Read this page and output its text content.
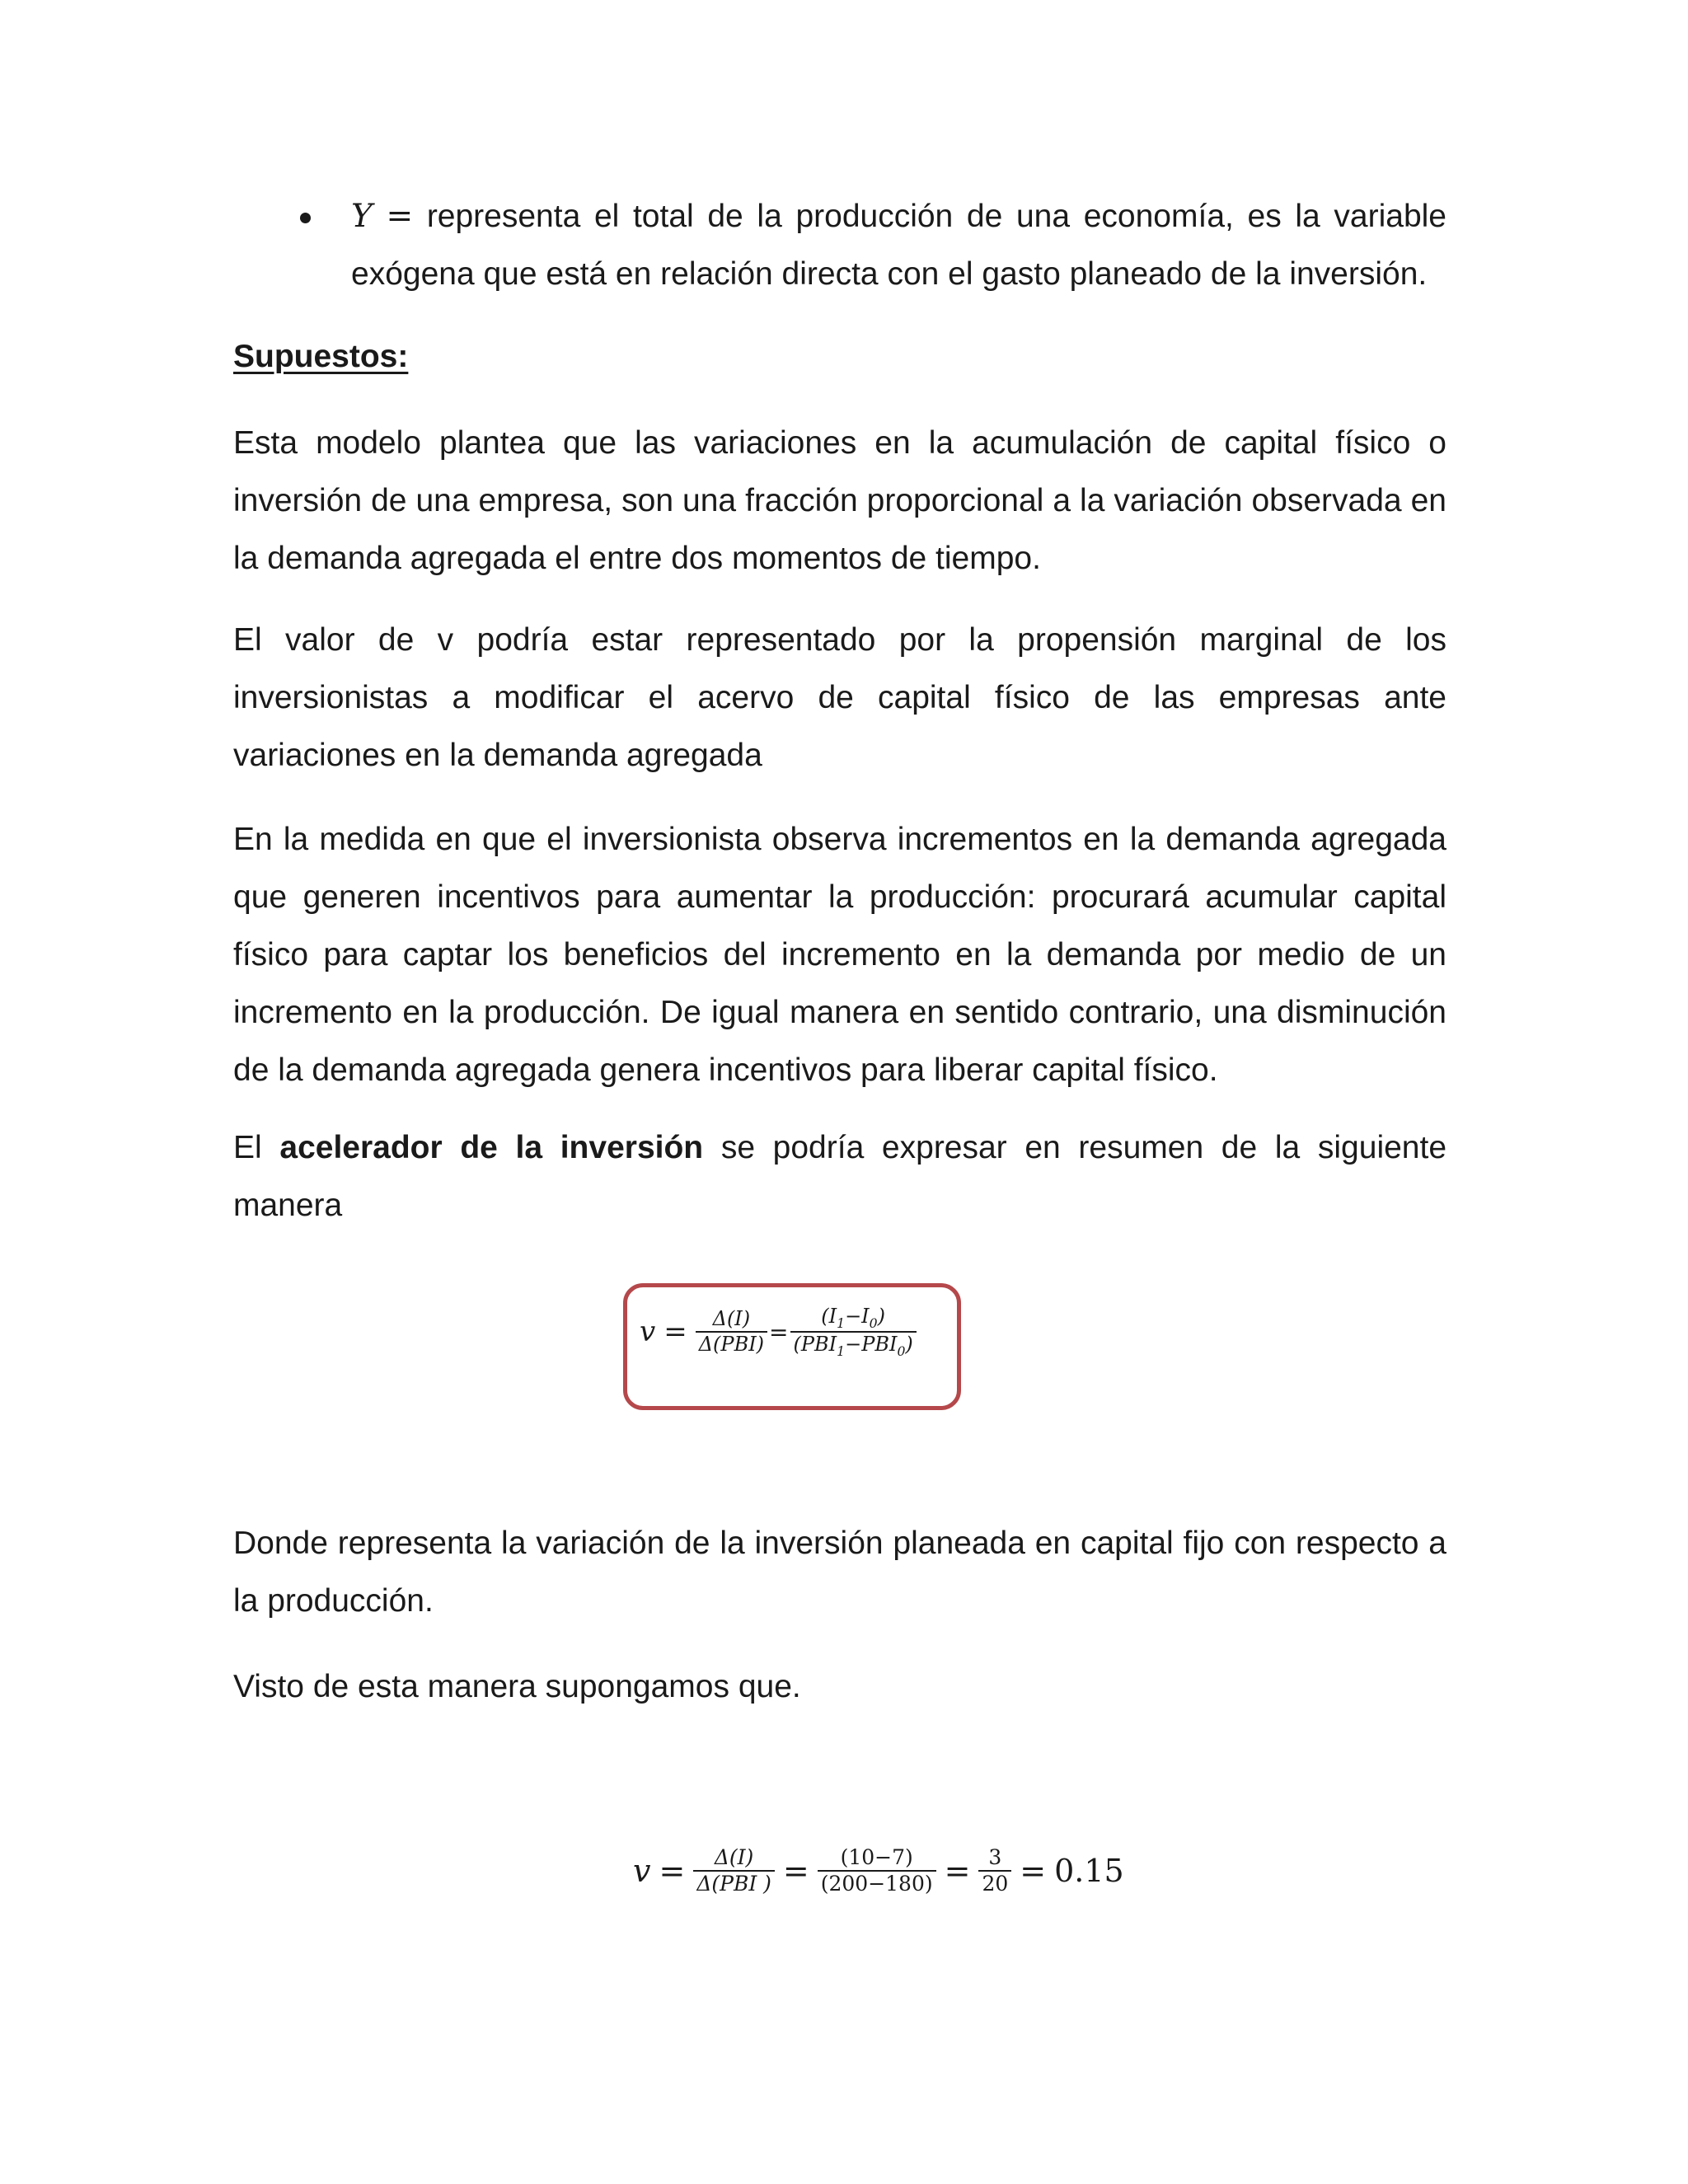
Y = representa el total de la producción de una economía, es la variable exógena que está en relación directa con el gasto planeado de la inversión.

Supuestos:

Esta modelo plantea que las variaciones en la acumulación de capital físico o inversión de una empresa, son una fracción proporcional a la variación observada en la demanda agregada el entre dos momentos de tiempo.

El valor de v podría estar representado por la propensión marginal de los inversionistas a modificar el acervo de capital físico de las empresas ante variaciones en la demanda agregada

En la medida en que el inversionista observa incrementos en la demanda agregada que generen incentivos para aumentar la producción: procurará acumular capital físico para captar los beneficios del incremento en la demanda por medio de un incremento en la producción. De igual manera en sentido contrario, una disminución de la demanda agregada genera incentivos para liberar capital físico.

El acelerador de la inversión se podría expresar en resumen de la siguiente manera

$v = \frac{\Delta(I)}{\text{Δ(PBI)}} = \frac{(I_1-I_0)}{(PBI_1-PBI_0)}$

Donde representa la variación de la inversión planeada en capital fijo con respecto a la producción.

Visto de esta manera supongamos que.

$v = \frac{\Delta(I)}{\text{Δ(PBI )}} = \frac{(10-7)}{(200-180)} = \frac{3}{20} = 0.15$
